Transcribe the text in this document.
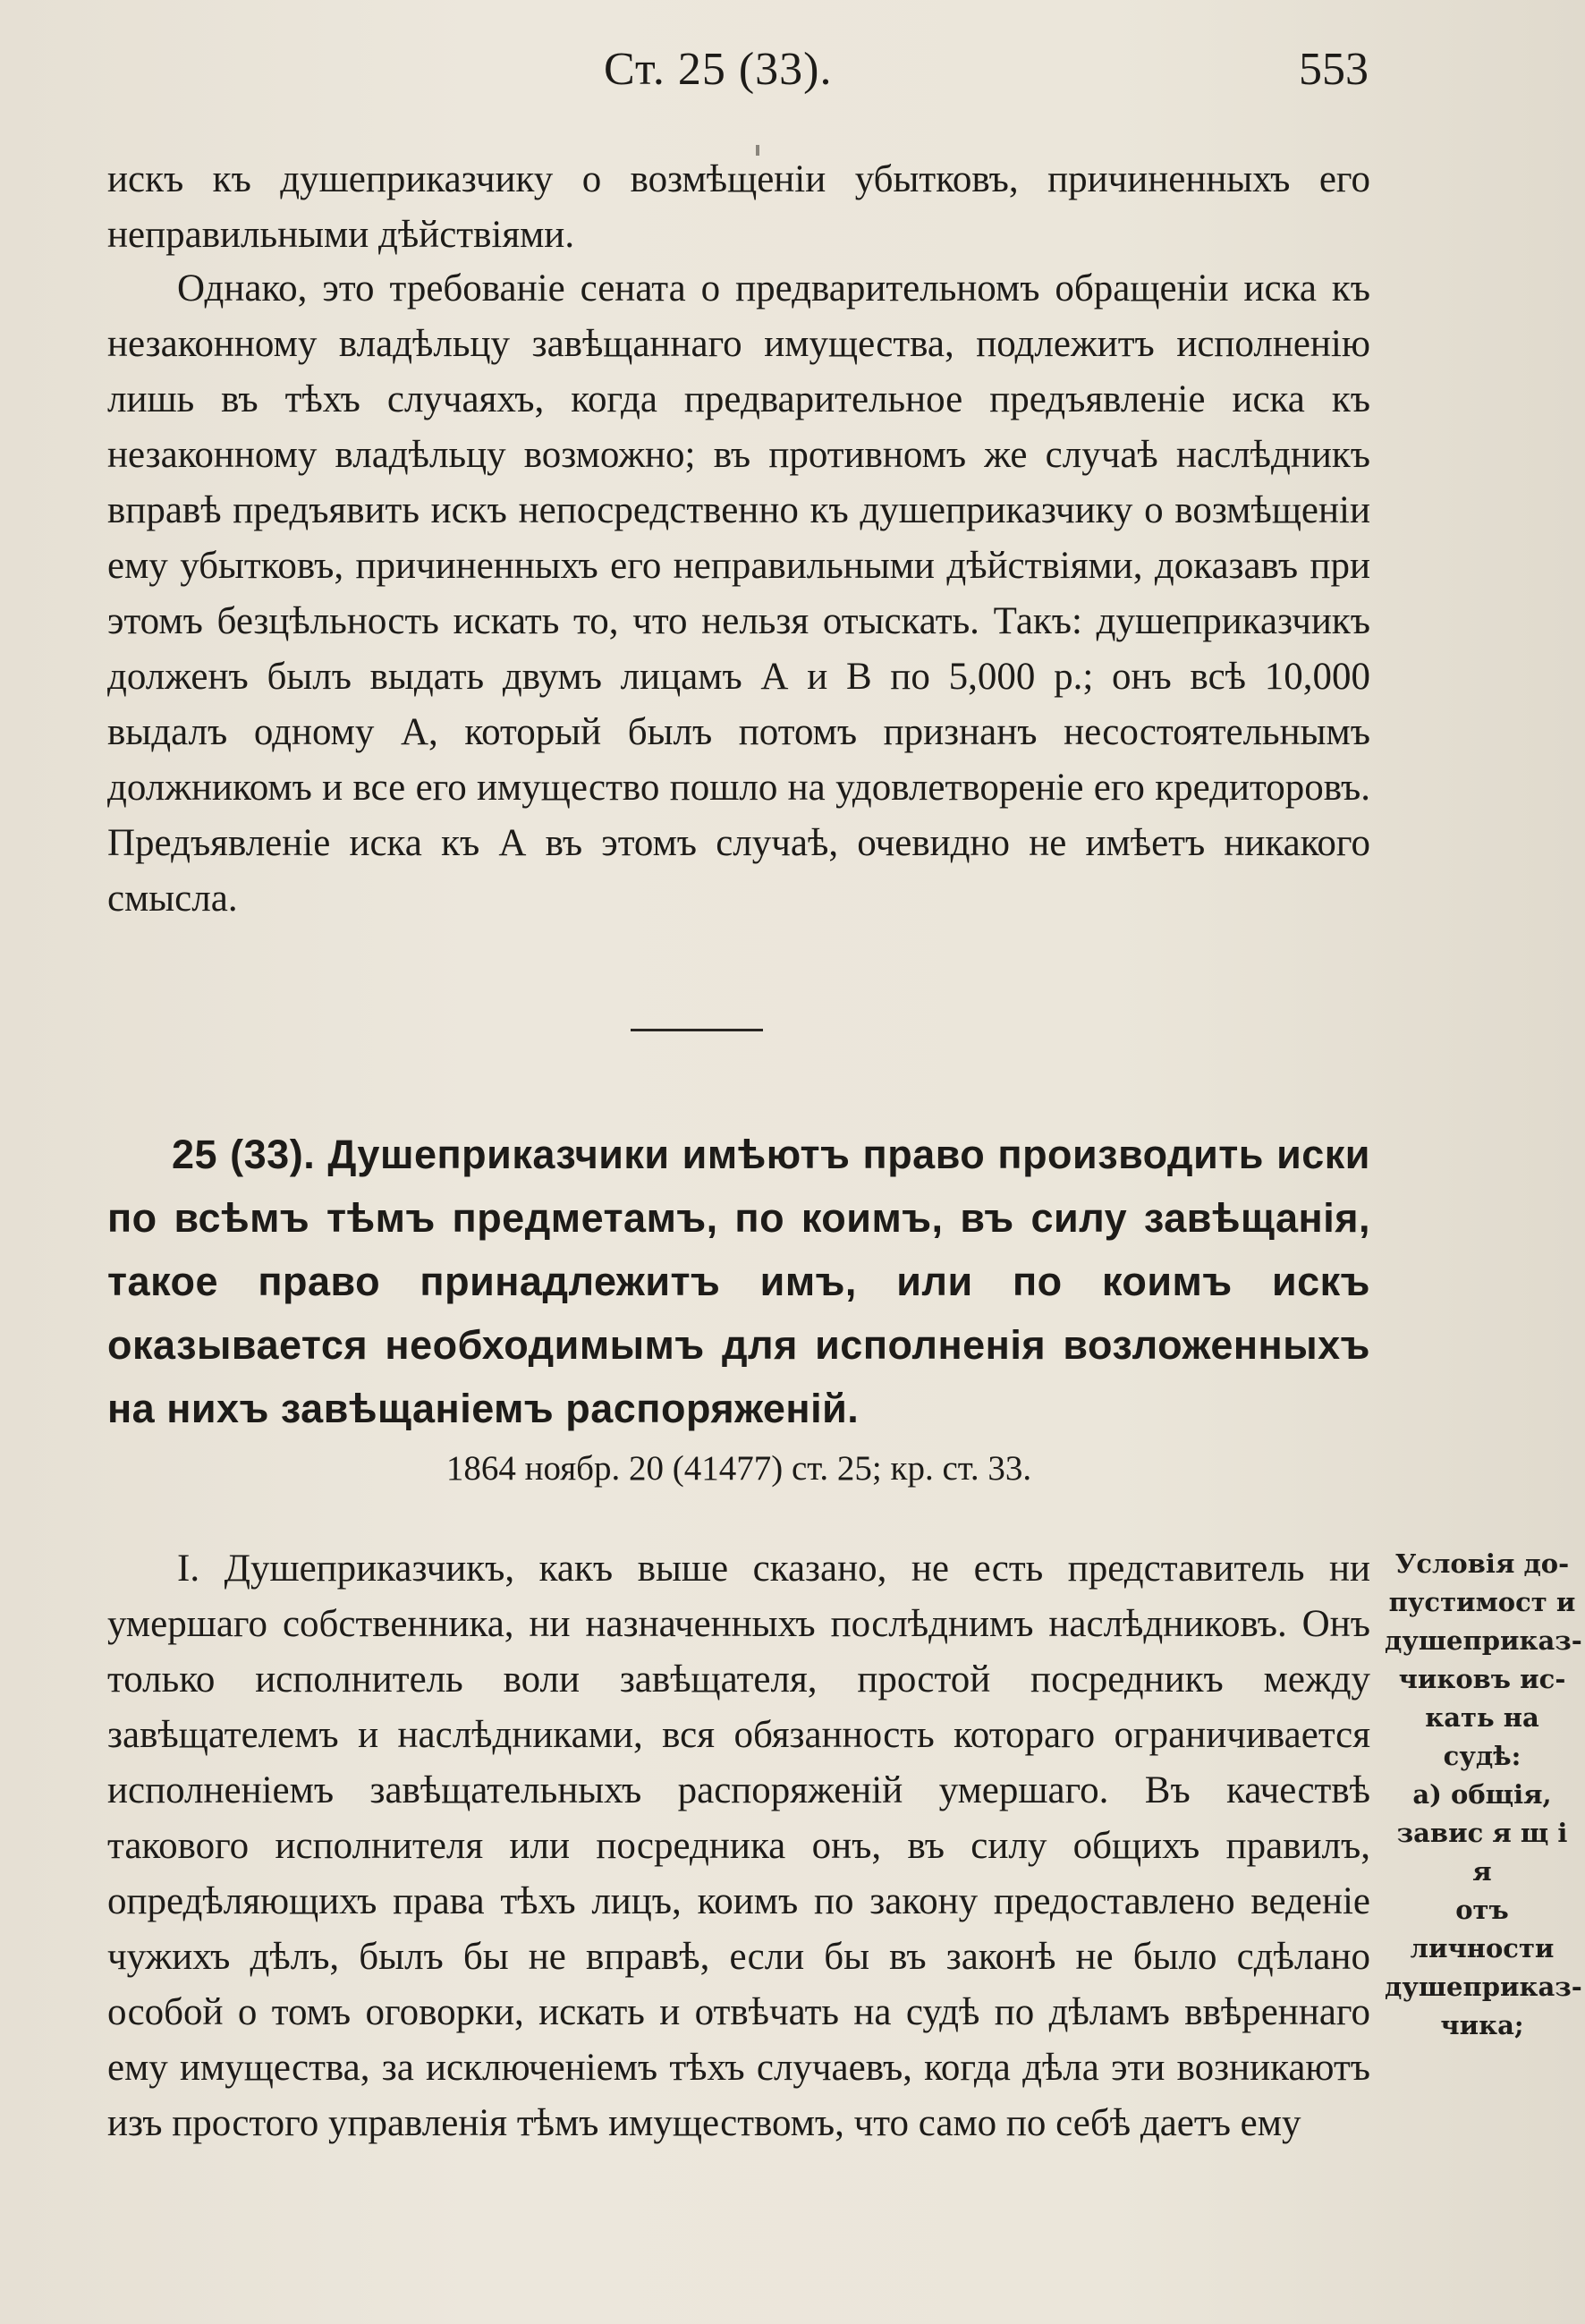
Ст. 25 (33).	553

искъ къ душеприказчику о возмѣщеніи убытковъ, причиненныхъ его неправильными дѣйствіями.

Однако, это требованіе сената о предварительномъ обращеніи иска къ незаконному владѣльцу завѣщаннаго имущества, подлежитъ исполненію лишь въ тѣхъ случаяхъ, когда предварительное предъявленіе иска къ незаконному владѣльцу возможно; въ противномъ же случаѣ наслѣдникъ вправѣ предъявить искъ непосредственно къ душеприказчику о возмѣщеніи ему убытковъ, причиненныхъ его неправильными дѣйствіями, доказавъ при этомъ безцѣльность искать то, что нельзя отыскать. Такъ: душеприказчикъ долженъ былъ выдать двумъ лицамъ А и В по 5,000 р.; онъ всѣ 10,000 выдалъ одному А, который былъ потомъ признанъ несостоятельнымъ должникомъ и все его имущество пошло на удовлетвореніе его кредиторовъ. Предъявленіе иска къ А въ этомъ случаѣ, очевидно не имѣетъ никакого смысла.

25 (33). Душеприказчики имѣютъ право производить иски по всѣмъ тѣмъ предметамъ, по коимъ, въ силу завѣщанія, такое право принадлежитъ имъ, или по коимъ искъ оказывается необходимымъ для исполненія возложенныхъ на нихъ завѣщаніемъ распоряженій.

1864 ноябр. 20 (41477) ст. 25; кр. ст. 33.

I. Душеприказчикъ, какъ выше сказано, не есть представитель ни умершаго собственника, ни назначенныхъ послѣднимъ наслѣдниковъ. Онъ только исполнитель воли завѣщателя, простой посредникъ между завѣщателемъ и наслѣдниками, вся обязанность котораго ограничивается исполненіемъ завѣщательныхъ распоряженій умершаго. Въ качествѣ такового исполнителя или посредника онъ, въ силу общихъ правилъ, опредѣляющихъ права тѣхъ лицъ, коимъ по закону предоставлено веденіе чужихъ дѣлъ, былъ бы не вправѣ, если бы въ законѣ не было сдѣлано особой о томъ оговорки, искать и отвѣчать на судѣ по дѣламъ ввѣреннаго ему имущества, за исключеніемъ тѣхъ случаевъ, когда дѣла эти возникаютъ изъ простого управленія тѣмъ имуществомъ, что само по себѣ даетъ ему

Условія до-
пустимост и
душеприказ-
чиковъ ис-
кать на судѣ:
а) общія,
завис я щ і я
отъ личности
душеприказ-
чика;
